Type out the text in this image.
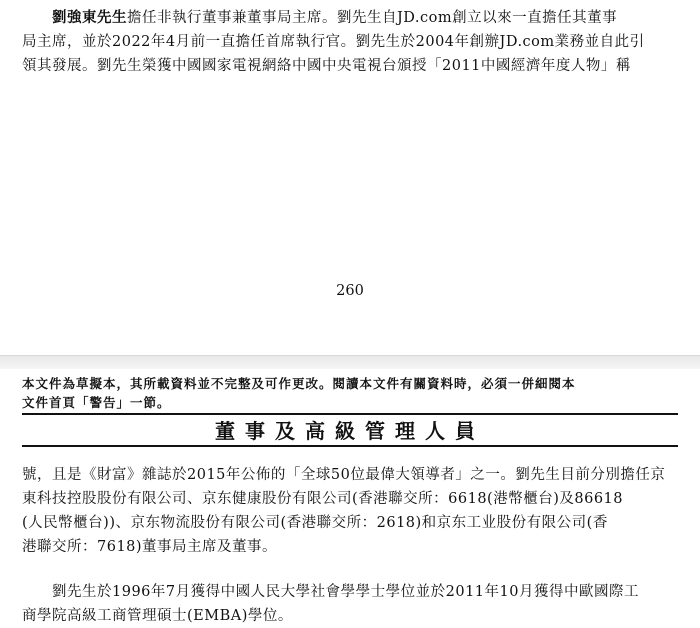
劉強東先生擔任非執行董事兼董事局主席。劉先生自JD.com創立以來一直擔任其董事
局主席，並於2022年4月前一直擔任首席執行官。劉先生於2004年創辦JD.com業務並自此引
領其發展。劉先生榮獲中國國家電視網絡中國中央電視台頒授「2011中國經濟年度人物」稱
260
本文件為草擬本，其所載資料並不完整及可作更改。閱讀本文件有關資料時，必須一併細閱本
文件首頁「警告」一節。
董事及高級管理人員
號，且是《財富》雜誌於2015年公佈的「全球50位最偉大領導者」之一。劉先生目前分別擔任京
東科技控股股份有限公司、京东健康股份有限公司(香港聯交所：6618(港幣櫃台)及86618
(人民幣櫃台))、京东物流股份有限公司(香港聯交所：2618)和京东工业股份有限公司(香
港聯交所：7618)董事局主席及董事。
劉先生於1996年7月獲得中國人民大學社會學學士學位並於2011年10月獲得中歐國際工
商學院高級工商管理碩士(EMBA)學位。
